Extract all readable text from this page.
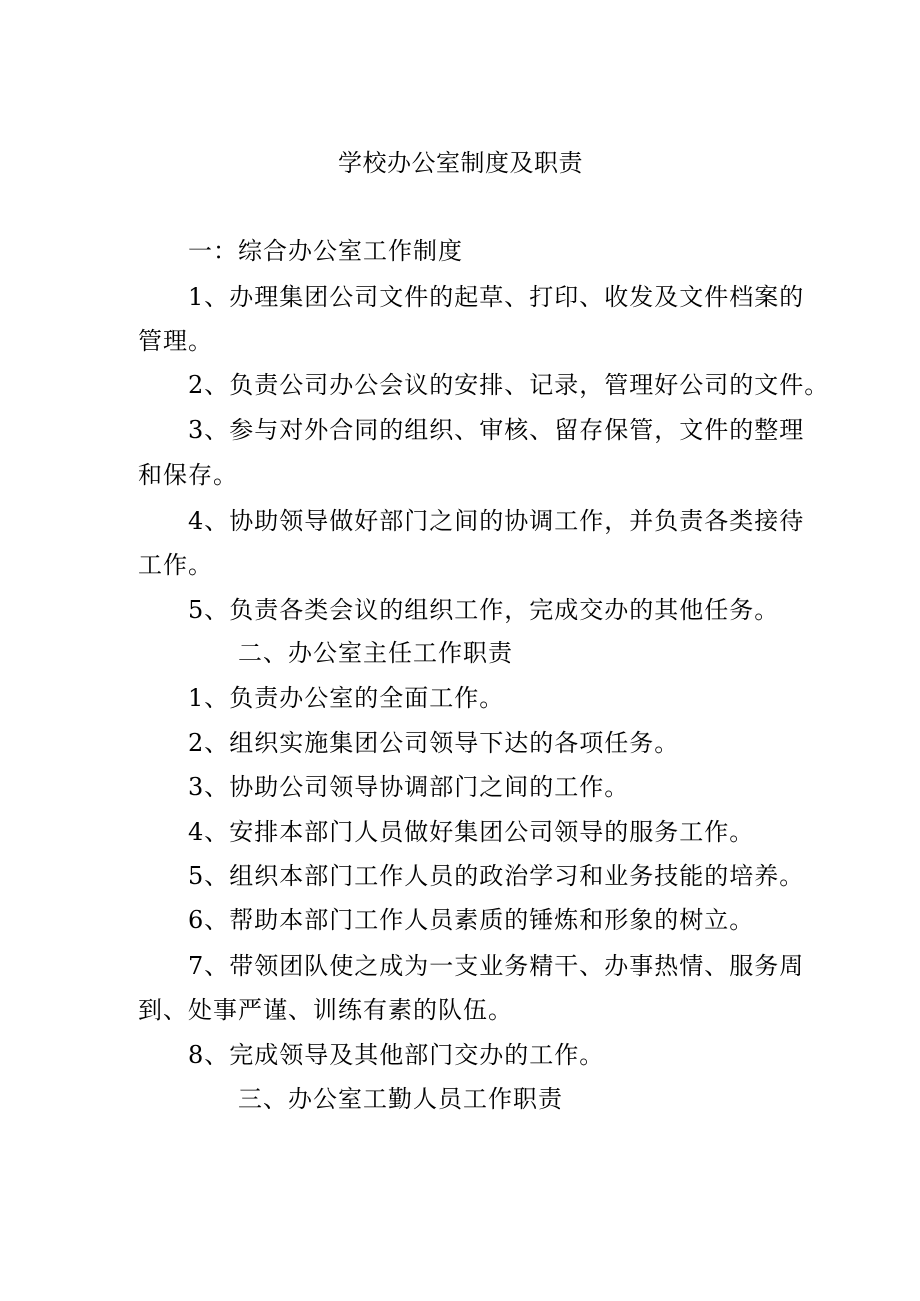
学校办公室制度及职责
一：综合办公室工作制度
1、办理集团公司文件的起草、打印、收发及文件档案的
管理。
2、负责公司办公会议的安排、记录，管理好公司的文件。
3、参与对外合同的组织、审核、留存保管，文件的整理
和保存。
4、协助领导做好部门之间的协调工作，并负责各类接待
工作。
5、负责各类会议的组织工作，完成交办的其他任务。
二、办公室主任工作职责
1、负责办公室的全面工作。
2、组织实施集团公司领导下达的各项任务。
3、协助公司领导协调部门之间的工作。
4、安排本部门人员做好集团公司领导的服务工作。
5、组织本部门工作人员的政治学习和业务技能的培养。
6、帮助本部门工作人员素质的锤炼和形象的树立。
7、带领团队使之成为一支业务精干、办事热情、服务周
到、处事严谨、训练有素的队伍。
8、完成领导及其他部门交办的工作。
三、办公室工勤人员工作职责
